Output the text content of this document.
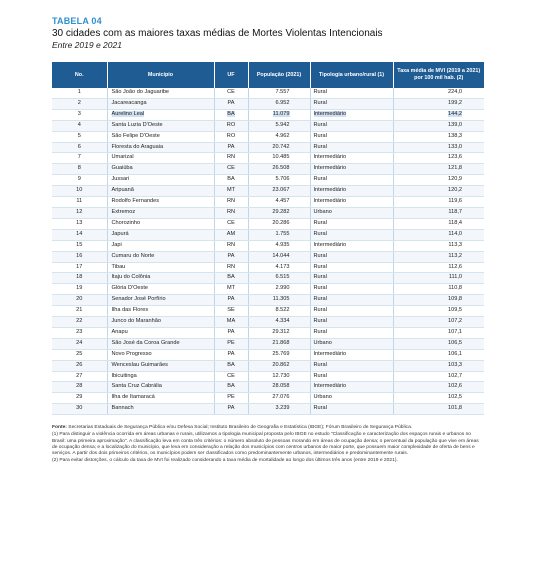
TABELA 04
30 cidades com as maiores taxas médias de Mortes Violentas Intencionais
Entre 2019 e 2021
No.	Município	UF	População (2021)	Tipologia urbano/rural (1)	Taxa média de MVI (2019 a 2021) por 100 mil hab. (2)
1	São João do Jaguaribe	CE	7.557	Rural	224,0
2	Jacareacanga	PA	6.952	Rural	199,2
3	Aurelino Leal	BA	11.079	Intermediário	144,2
4	Santa Luzia D'Oeste	RO	5.942	Rural	139,0
5	São Felipe D'Oeste	RO	4.962	Rural	138,3
6	Floresta do Araguaia	PA	20.742	Rural	133,0
7	Umarizal	RN	10.485	Intermediário	123,6
8	Guaiúba	CE	26.508	Intermediário	121,8
9	Jussari	BA	5.706	Rural	120,9
10	Aripuanã	MT	23.067	Intermediário	120,2
11	Rodolfo Fernandes	RN	4.457	Intermediário	119,6
12	Extremoz	RN	29.282	Urbano	118,7
13	Chorozinho	CE	20.286	Rural	118,4
14	Japurá	AM	1.755	Rural	114,0
15	Japi	RN	4.935	Intermediário	113,3
16	Cumaru do Norte	PA	14.044	Rural	113,2
17	Tibau	RN	4.173	Rural	112,6
18	Itaju do Colônia	BA	6.515	Rural	111,0
19	Glória D'Oeste	MT	2.990	Rural	110,8
20	Senador José Porfírio	PA	11.305	Rural	109,8
21	Ilha das Flores	SE	8.522	Rural	109,5
22	Junco do Maranhão	MA	4.334	Rural	107,2
23	Anapu	PA	29.312	Rural	107,1
24	São José da Coroa Grande	PE	21.868	Urbano	106,5
25	Novo Progresso	PA	25.769	Intermediário	106,1
26	Wenceslau Guimarães	BA	20.862	Rural	103,3
27	Ibicuitinga	CE	12.730	Rural	102,7
28	Santa Cruz Cabrália	BA	28.058	Intermediário	102,6
29	Ilha de Itamaracá	PE	27.076	Urbano	102,5
30	Bannach	PA	3.239	Rural	101,8
Fonte: Secretarias Estaduais de Segurança Pública e/ou Defesa Social; Instituto Brasileiro de Geografia e Estatística (IBGE); Fórum Brasileiro de Segurança Pública.
(1) Para distinguir a violência ocorrida em áreas urbanas e rurais, utilizamos a tipologia municipal proposta pelo IBGE no estudo "Classificação e caracterização dos espaços rurais e urbanos no Brasil: uma primeira aproximação". A classificação leva em conta três critérios: o número absoluto de pessoas morando em áreas de ocupação densa; o percentual da população que vive em áreas de ocupação densa; e a localização do município, que leva em consideração a relação dos municípios com centros urbanos de maior porte, que possuem maior complexidade de oferta de bens e serviços. A partir dos dois primeiros critérios, os municípios podem ser classificados como predominantemente urbanos, intermediários e predominantemente rurais.
(2) Para evitar distorções, o cálculo da taxa de MVI foi realizado considerando a taxa média de mortalidade ao longo dos últimos três anos (entre 2019 e 2021).
